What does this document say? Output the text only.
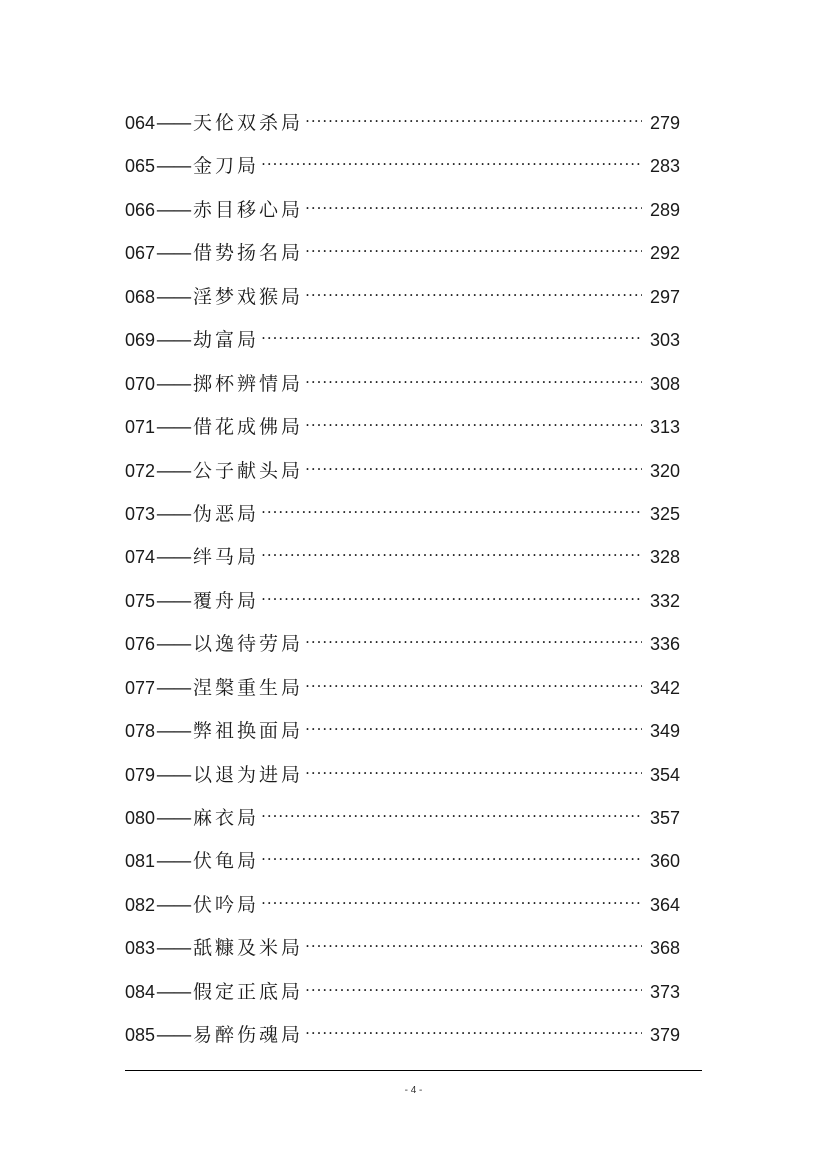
064 —— 天伦双杀局 ·····	279
065 —— 金刀局 ·····	283
066 —— 赤目移心局 ·····	289
067 —— 借势扬名局 ·····	292
068 —— 淫梦戏猴局 ·····	297
069 —— 劫富局 ·····	303
070 —— 掷杯辨情局 ·····	308
071 —— 借花成佛局 ·····	313
072 —— 公子献头局 ·····	320
073 —— 伪恶局 ·····	325
074 —— 绊马局 ·····	328
075 —— 覆舟局 ·····	332
076 —— 以逸待劳局 ·····	336
077 —— 涅槃重生局 ·····	342
078 —— 弊祖换面局 ·····	349
079 —— 以退为进局 ·····	354
080 —— 麻衣局 ·····	357
081 —— 伏龟局 ·····	360
082 —— 伏吟局 ·····	364
083 —— 舐糠及米局 ·····	368
084 —— 假定正底局 ·····	373
085 —— 易醉伤魂局 ·····	379
- 4 -
